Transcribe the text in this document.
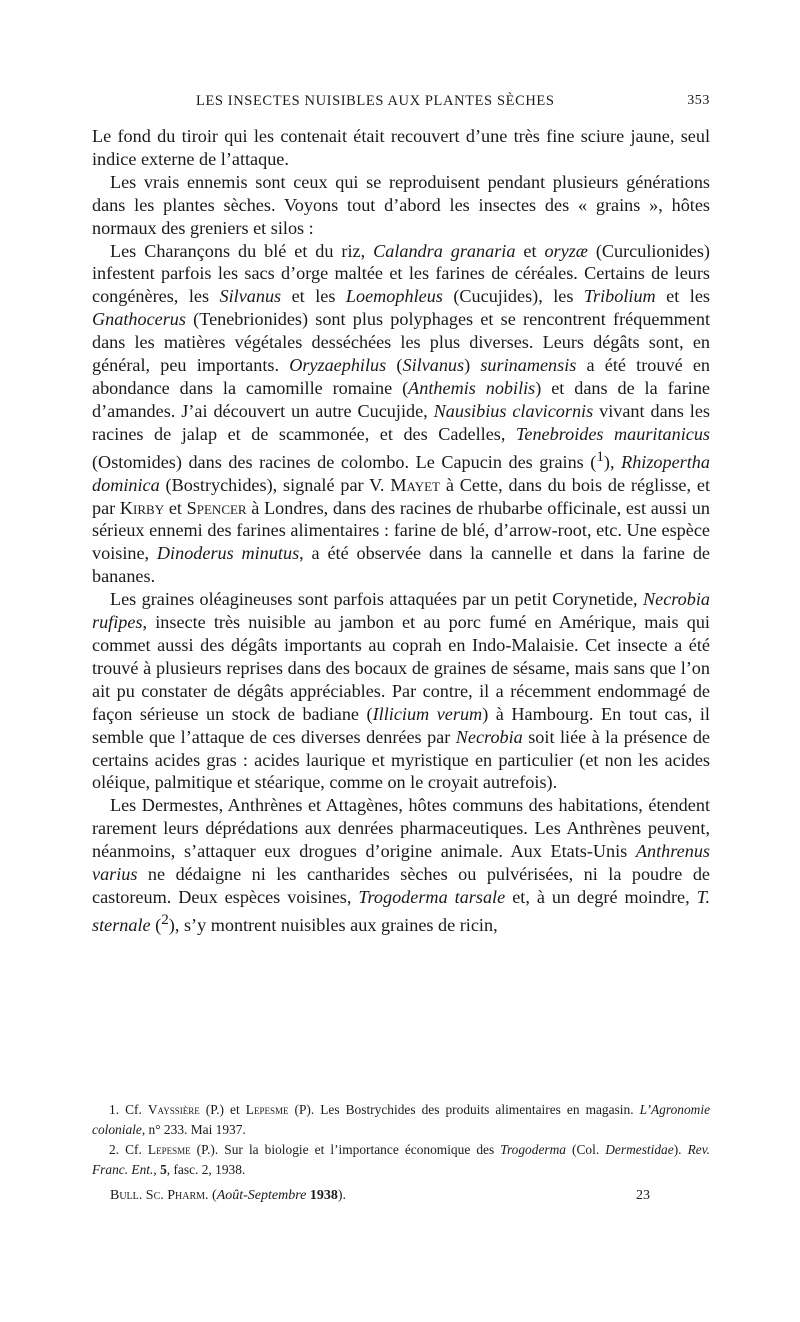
LES INSECTES NUISIBLES AUX PLANTES SÈCHES	353

Le fond du tiroir qui les contenait était recouvert d’une très fine sciure jaune, seul indice externe de l’attaque.

Les vrais ennemis sont ceux qui se reproduisent pendant plusieurs générations dans les plantes sèches. Voyons tout d’abord les insectes des « grains », hôtes normaux des greniers et silos :

Les Charançons du blé et du riz, Calandra granaria et oryzæ (Curculionides) infestent parfois les sacs d’orge maltée et les farines de céréales. Certains de leurs congénères, les Silvanus et les Loemophleus (Cucujides), les Tribolium et les Gnathocerus (Tenebrionides) sont plus polyphages et se rencontrent fréquemment dans les matières végétales desséchées les plus diverses. Leurs dégâts sont, en général, peu importants. Oryzaephilus (Silvanus) surinamensis a été trouvé en abondance dans la camomille romaine (Anthemis nobilis) et dans de la farine d’amandes. J’ai découvert un autre Cucujide, Nausibius clavicornis vivant dans les racines de jalap et de scammonée, et des Cadelles, Tenebroides mauritanicus (Ostomides) dans des racines de colombo. Le Capucin des grains ($^1$), Rhizopertha dominica (Bostrychides), signalé par V. Mayet à Cette, dans du bois de réglisse, et par Kirby et Spencer à Londres, dans des racines de rhubarbe officinale, est aussi un sérieux ennemi des farines alimentaires : farine de blé, d’arrow-root, etc. Une espèce voisine, Dinoderus minutus, a été observée dans la cannelle et dans la farine de bananes.

Les graines oléagineuses sont parfois attaquées par un petit Corynetide, Necrobia rufipes, insecte très nuisible au jambon et au porc fumé en Amérique, mais qui commet aussi des dégâts importants au coprah en Indo-Malaisie. Cet insecte a été trouvé à plusieurs reprises dans des bocaux de graines de sésame, mais sans que l’on ait pu constater de dégâts appréciables. Par contre, il a récemment endommagé de façon sérieuse un stock de badiane (Illicium verum) à Hambourg. En tout cas, il semble que l’attaque de ces diverses denrées par Necrobia soit liée à la présence de certains acides gras : acides laurique et myristique en particulier (et non les acides oléique, palmitique et stéarique, comme on le croyait autrefois).

Les Dermestes, Anthrènes et Attagènes, hôtes communs des habitations, étendent rarement leurs déprédations aux denrées pharmaceutiques. Les Anthrènes peuvent, néanmoins, s’attaquer eux drogues d’origine animale. Aux Etats-Unis Anthrenus varius ne dédaigne ni les cantharides sèches ou pulvérisées, ni la poudre de castoreum. Deux espèces voisines, Trogoderma tarsale et, à un degré moindre, T. sternale ($^2$), s’y montrent nuisibles aux graines de ricin,

1. Cf. Vayssière (P.) et Lepesme (P). Les Bostrychides des produits alimentaires en magasin. L’Agronomie coloniale, n° 233. Mai 1937.

2. Cf. Lepesme (P.). Sur la biologie et l’importance économique des Trogoderma (Col. Dermestidae). Rev. Franc. Ent., 5, fasc. 2, 1938.

Bull. Sc. Pharm. (Août-Septembre 1938).	23
